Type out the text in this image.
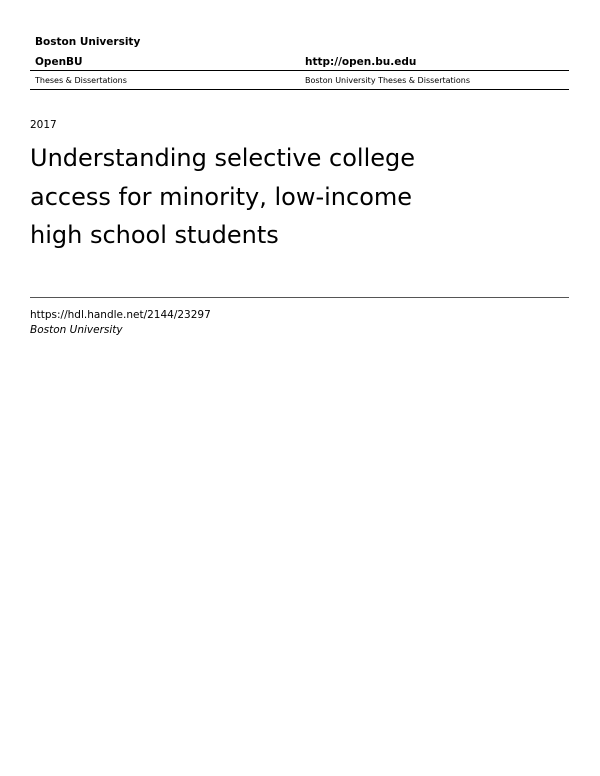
Boston University
OpenBU	http://open.bu.edu
Theses & Dissertations	Boston University Theses & Dissertations
2017
Understanding selective college
access for minority, low-income
high school students
https://hdl.handle.net/2144/23297
Boston University
